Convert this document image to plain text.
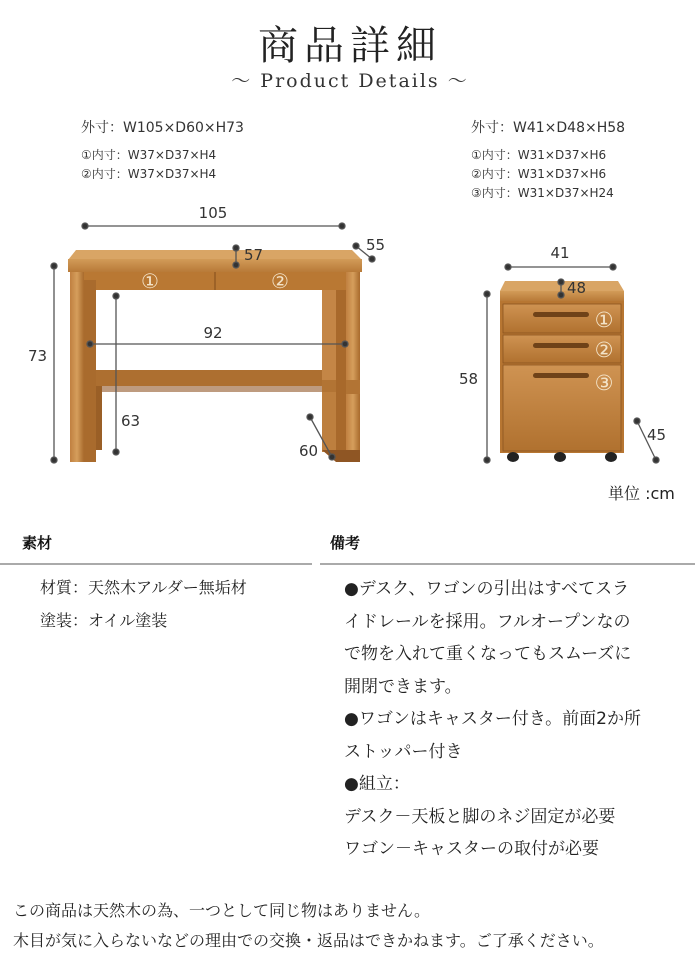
商品詳細
～ Product Details ～
外寸：W105×D60×H73
①内寸：W37×D37×H4
②内寸：W37×D37×H4
外寸：W41×D48×H58
①内寸：W31×D37×H6
②内寸：W31×D37×H6
③内寸：W31×D37×H24
105
57
55
73
92
63
60
①	②
41
48
58
45
①
②
③
単位 :cm
素材	備考
材質：天然木アルダー無垢材
塗装：オイル塗装
●デスク、ワゴンの引出はすべてスラ
イドレールを採用。フルオープンなの
で物を入れて重くなってもスムーズに
開閉できます。
●ワゴンはキャスター付き。前面2か所
ストッパー付き
●組立：
デスク－天板と脚のネジ固定が必要
ワゴン－キャスターの取付が必要
この商品は天然木の為、一つとして同じ物はありません。
木目が気に入らないなどの理由での交換・返品はできかねます。ご了承ください。
